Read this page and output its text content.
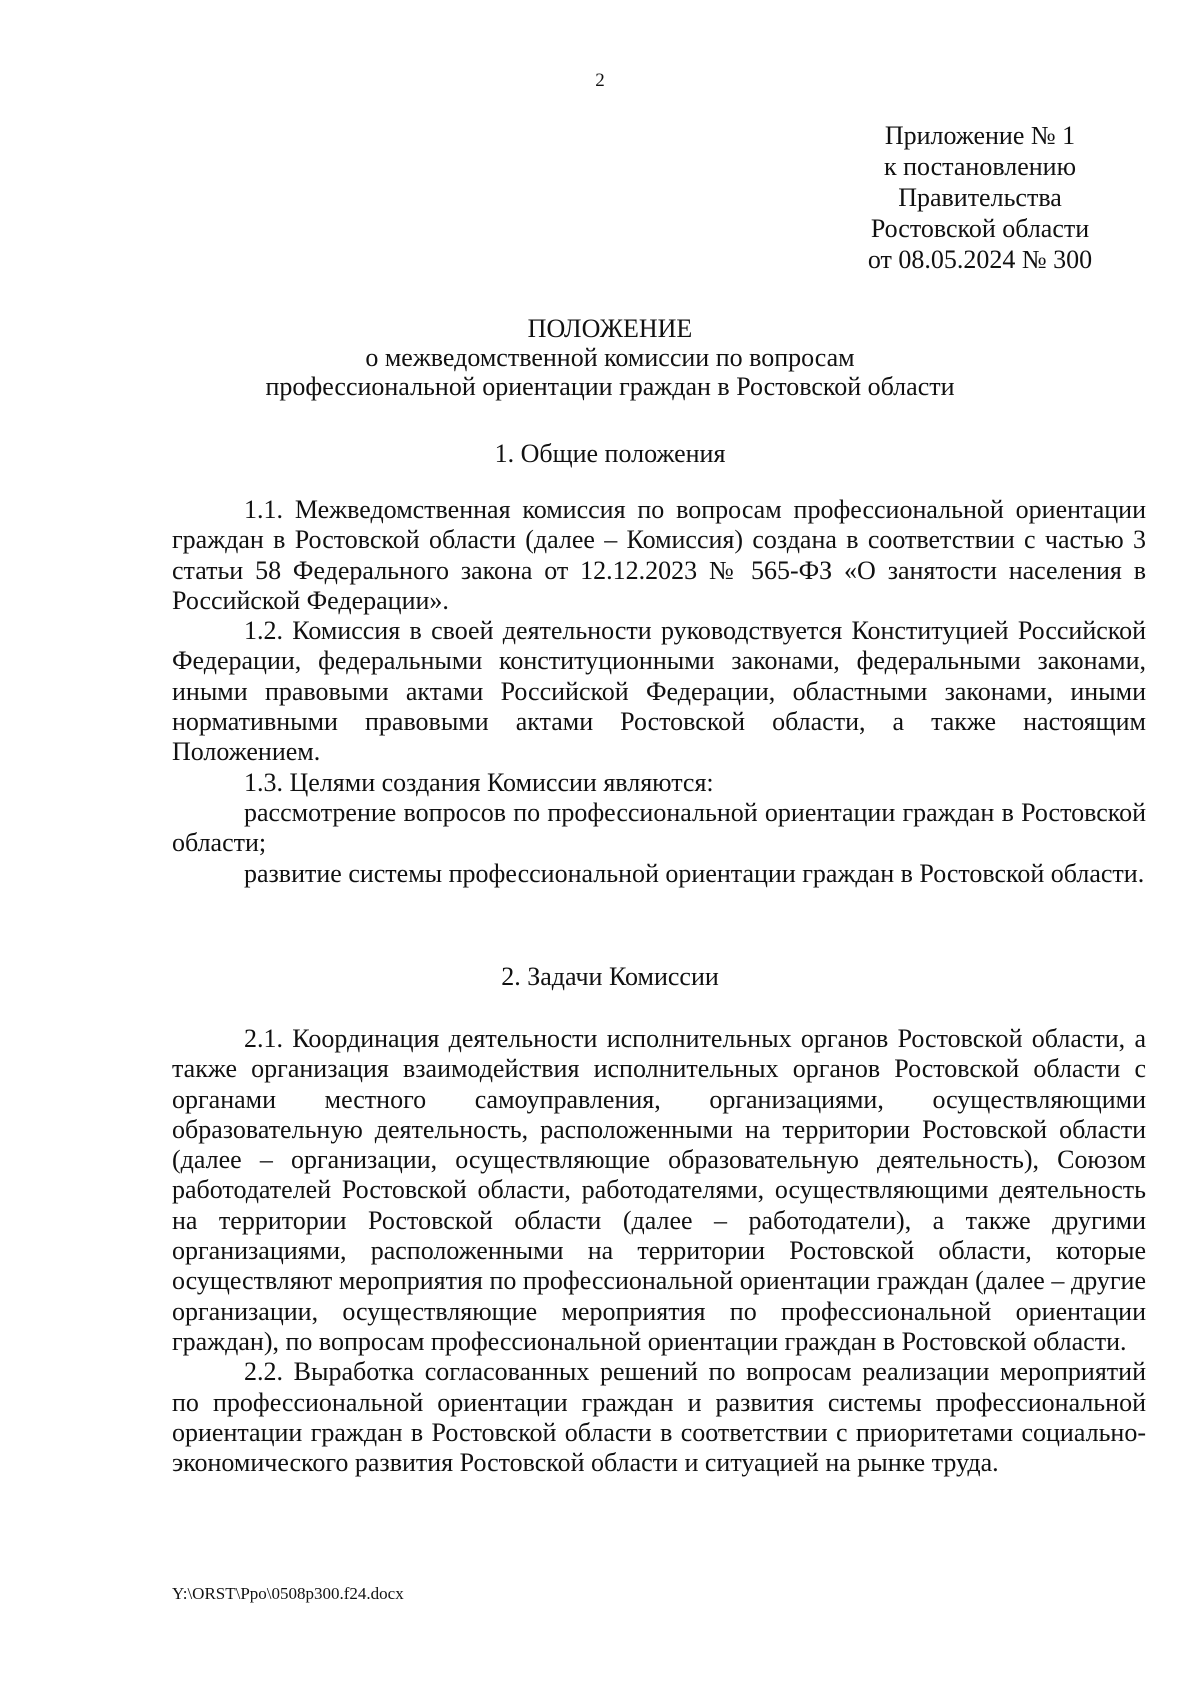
2
Приложение № 1
к постановлению
Правительства
Ростовской области
от 08.05.2024 № 300
ПОЛОЖЕНИЕ
о межведомственной комиссии по вопросам
профессиональной ориентации граждан в Ростовской области
1. Общие положения

1.1. Межведомственная комиссия по вопросам профессиональной ориентации граждан в Ростовской области (далее – Комиссия) создана в соответствии с частью 3 статьи 58 Федерального закона от 12.12.2023 № 565-ФЗ «О занятости населения в Российской Федерации».

1.2. Комиссия в своей деятельности руководствуется Конституцией Российской Федерации, федеральными конституционными законами, федеральными законами, иными правовыми актами Российской Федерации, областными законами, иными нормативными правовыми актами Ростовской области, а также настоящим Положением.

1.3. Целями создания Комиссии являются:

рассмотрение вопросов по профессиональной ориентации граждан в Ростовской области;

развитие системы профессиональной ориентации граждан в Ростовской области.

2. Задачи Комиссии

2.1. Координация деятельности исполнительных органов Ростовской области, а также организация взаимодействия исполнительных органов Ростовской области с органами местного самоуправления, организациями, осуществляющими образовательную деятельность, расположенными на территории Ростовской области (далее – организации, осуществляющие образовательную деятельность), Союзом работодателей Ростовской области, работодателями, осуществляющими деятельность на территории Ростовской области (далее – работодатели), а также другими организациями, расположенными на территории Ростовской области, которые осуществляют мероприятия по профессиональной ориентации граждан (далее – другие организации, осуществляющие мероприятия по профессиональной ориентации граждан), по вопросам профессиональной ориентации граждан в Ростовской области.

2.2. Выработка согласованных решений по вопросам реализации мероприятий по профессиональной ориентации граждан и развития системы профессиональной ориентации граждан в Ростовской области в соответствии с приоритетами социально-экономического развития Ростовской области и ситуацией на рынке труда.

Y:\ORST\Ppo\0508p300.f24.docx
